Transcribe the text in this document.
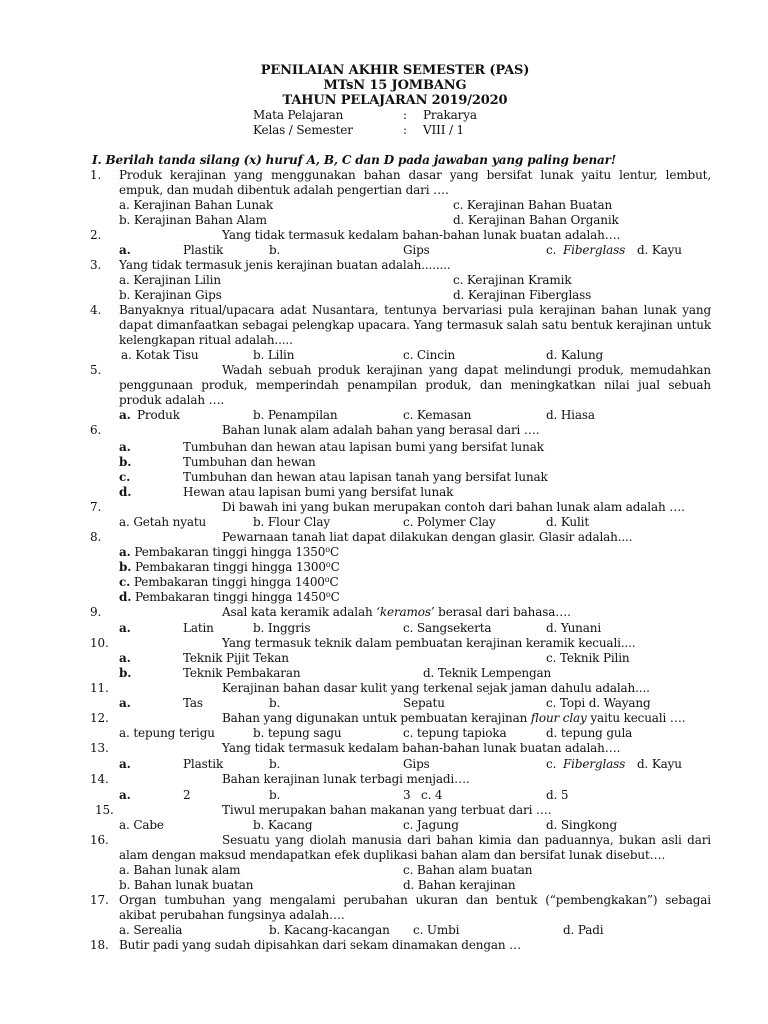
PENILAIAN AKHIR SEMESTER (PAS)
MTsN 15 JOMBANG
TAHUN PELAJARAN 2019/2020
Mata Pelajaran	: Prakarya
Kelas / Semester	: VIII / 1
I. Berilah tanda silang (x) huruf A, B, C dan D pada jawaban yang paling benar!
1. Produk kerajinan yang menggunakan bahan dasar yang bersifat lunak yaitu lentur, lembut,
empuk, dan mudah dibentuk adalah pengertian dari ….
a. Kerajinan Bahan Lunak	c. Kerajinan Bahan Buatan
b. Kerajinan Bahan Alam	d. Kerajinan Bahan Organik
2.	Yang tidak termasuk kedalam bahan-bahan lunak buatan adalah….
a.	Plastik	b.	Gips	c. Fiberglass d. Kayu
3. Yang tidak termasuk jenis kerajinan buatan adalah........
a. Kerajinan Lilin	c. Kerajinan Kramik
b. Kerajinan Gips	d. Kerajinan Fiberglass
4. Banyaknya ritual/upacara adat Nusantara, tentunya bervariasi pula kerajinan bahan lunak yang
dapat dimanfaatkan sebagai pelengkap upacara. Yang termasuk salah satu bentuk kerajinan untuk
kelengkapan ritual adalah.....
a. Kotak Tisu	b. Lilin	c. Cincin	d. Kalung
5.	Wadah sebuah produk kerajinan yang dapat melindungi produk, memudahkan
penggunaan produk, memperindah penampilan produk, dan meningkatkan nilai jual sebuah
produk adalah ….
a. Produk	b. Penampilan	c. Kemasan	d. Hiasa
6.	Bahan lunak alam adalah bahan yang berasal dari ….
a.	Tumbuhan dan hewan atau lapisan bumi yang bersifat lunak
b.	Tumbuhan dan hewan
c.	Tumbuhan dan hewan atau lapisan tanah yang bersifat lunak
d.	Hewan atau lapisan bumi yang bersifat lunak
7.	Di bawah ini yang bukan merupakan contoh dari bahan lunak alam adalah ….
a. Getah nyatu	b. Flour Clay	c. Polymer Clay	d. Kulit
8.	Pewarnaan tanah liat dapat dilakukan dengan glasir. Glasir adalah....
a. Pembakaran tinggi hingga 1350$^o$C
b. Pembakaran tinggi hingga 1300$^o$C
c. Pembakaran tinggi hingga 1400$^o$C
d. Pembakaran tinggi hingga 1450$^o$C
9.	Asal kata keramik adalah ‘keramos’ berasal dari bahasa….
a.	Latin	b. Inggris	c. Sangsekerta	d. Yunani
10.	Yang termasuk teknik dalam pembuatan kerajinan keramik kecuali....
a.	Teknik Pijit Tekan	c. Teknik Pilin
b.	Teknik Pembakaran	d. Teknik Lempengan
11.	Kerajinan bahan dasar kulit yang terkenal sejak jaman dahulu adalah....
a.	Tas	b.	Sepatu	c. Topi d. Wayang
12.	Bahan yang digunakan untuk pembuatan kerajinan flour clay yaitu kecuali ….
a. tepung terigu	b. tepung sagu	c. tepung tapioka	d. tepung gula
13.	Yang tidak termasuk kedalam bahan-bahan lunak buatan adalah….
a.	Plastik	b.	Gips	c. Fiberglass d. Kayu
14.	Bahan kerajinan lunak terbagi menjadi….
a.	2	b.	3 c. 4	d. 5
15.	Tiwul merupakan bahan makanan yang terbuat dari ….
a. Cabe	b. Kacang	c. Jagung	d. Singkong
16.	Sesuatu yang diolah manusia dari bahan kimia dan paduannya, bukan asli dari
alam dengan maksud mendapatkan efek duplikasi bahan alam dan bersifat lunak disebut….
a. Bahan lunak alam	c. Bahan alam buatan
b. Bahan lunak buatan	d. Bahan kerajinan
17. Organ tumbuhan yang mengalami perubahan ukuran dan bentuk (“pembengkakan”) sebagai
akibat perubahan fungsinya adalah….
a. Serealia	b. Kacang-kacangan c. Umbi	d. Padi
18. Butir padi yang sudah dipisahkan dari sekam dinamakan dengan …
